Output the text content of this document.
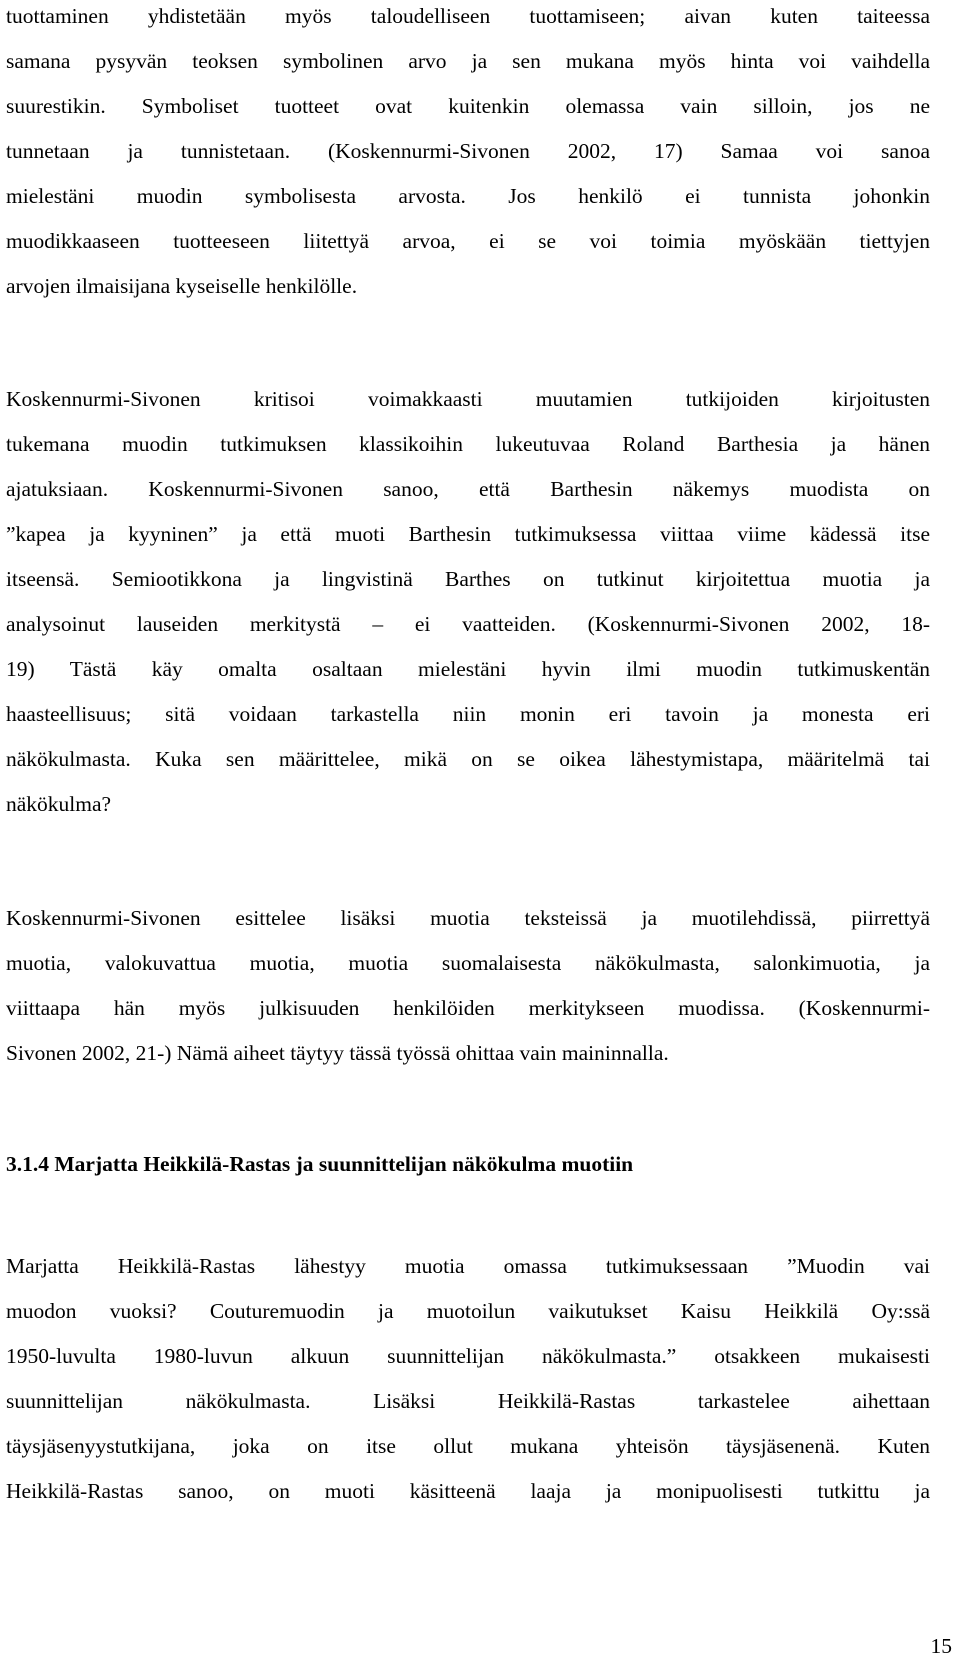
tuottaminen yhdistetään myös taloudelliseen tuottamiseen; aivan kuten taiteessa
samana pysyvän teoksen symbolinen arvo ja sen mukana myös hinta voi vaihdella
suurestikin. Symboliset tuotteet ovat kuitenkin olemassa vain silloin, jos ne
tunnetaan ja tunnistetaan. (Koskennurmi-Sivonen 2002, 17) Samaa voi sanoa
mielestäni muodin symbolisesta arvosta. Jos henkilö ei tunnista johonkin
muodikkaaseen tuotteeseen liitettyä arvoa, ei se voi toimia myöskään tiettyjen
arvojen ilmaisijana kyseiselle henkilölle.
Koskennurmi-Sivonen kritisoi voimakkaasti muutamien tutkijoiden kirjoitusten
tukemana muodin tutkimuksen klassikoihin lukeutuvaa Roland Barthesia ja hänen
ajatuksiaan. Koskennurmi-Sivonen sanoo, että Barthesin näkemys muodista on
”kapea ja kyyninen” ja että muoti Barthesin tutkimuksessa viittaa viime kädessä itse
itseensä. Semiootikkona ja lingvistinä Barthes on tutkinut kirjoitettua muotia ja
analysoinut lauseiden merkitystä – ei vaatteiden. (Koskennurmi-Sivonen 2002, 18-
19) Tästä käy omalta osaltaan mielestäni hyvin ilmi muodin tutkimuskentän
haasteellisuus; sitä voidaan tarkastella niin monin eri tavoin ja monesta eri
näkökulmasta. Kuka sen määrittelee, mikä on se oikea lähestymistapa, määritelmä tai
näkökulma?
Koskennurmi-Sivonen esittelee lisäksi muotia teksteissä ja muotilehdissä, piirrettyä
muotia, valokuvattua muotia, muotia suomalaisesta näkökulmasta, salonkimuotia, ja
viittaapa hän myös julkisuuden henkilöiden merkitykseen muodissa. (Koskennurmi-
Sivonen 2002, 21-) Nämä aiheet täytyy tässä työssä ohittaa vain maininnalla.
3.1.4 Marjatta Heikkilä-Rastas ja suunnittelijan näkökulma muotiin
Marjatta Heikkilä-Rastas lähestyy muotia omassa tutkimuksessaan ”Muodin vai
muodon vuoksi? Couturemuodin ja muotoilun vaikutukset Kaisu Heikkilä Oy:ssä
1950-luvulta 1980-luvun alkuun suunnittelijan näkökulmasta.” otsakkeen mukaisesti
suunnittelijan näkökulmasta. Lisäksi Heikkilä-Rastas tarkastelee aihettaan
täysjäsenyystutkijana, joka on itse ollut mukana yhteisön täysjäsenenä. Kuten
Heikkilä-Rastas sanoo, on muoti käsitteenä laaja ja monipuolisesti tutkittu ja
15
